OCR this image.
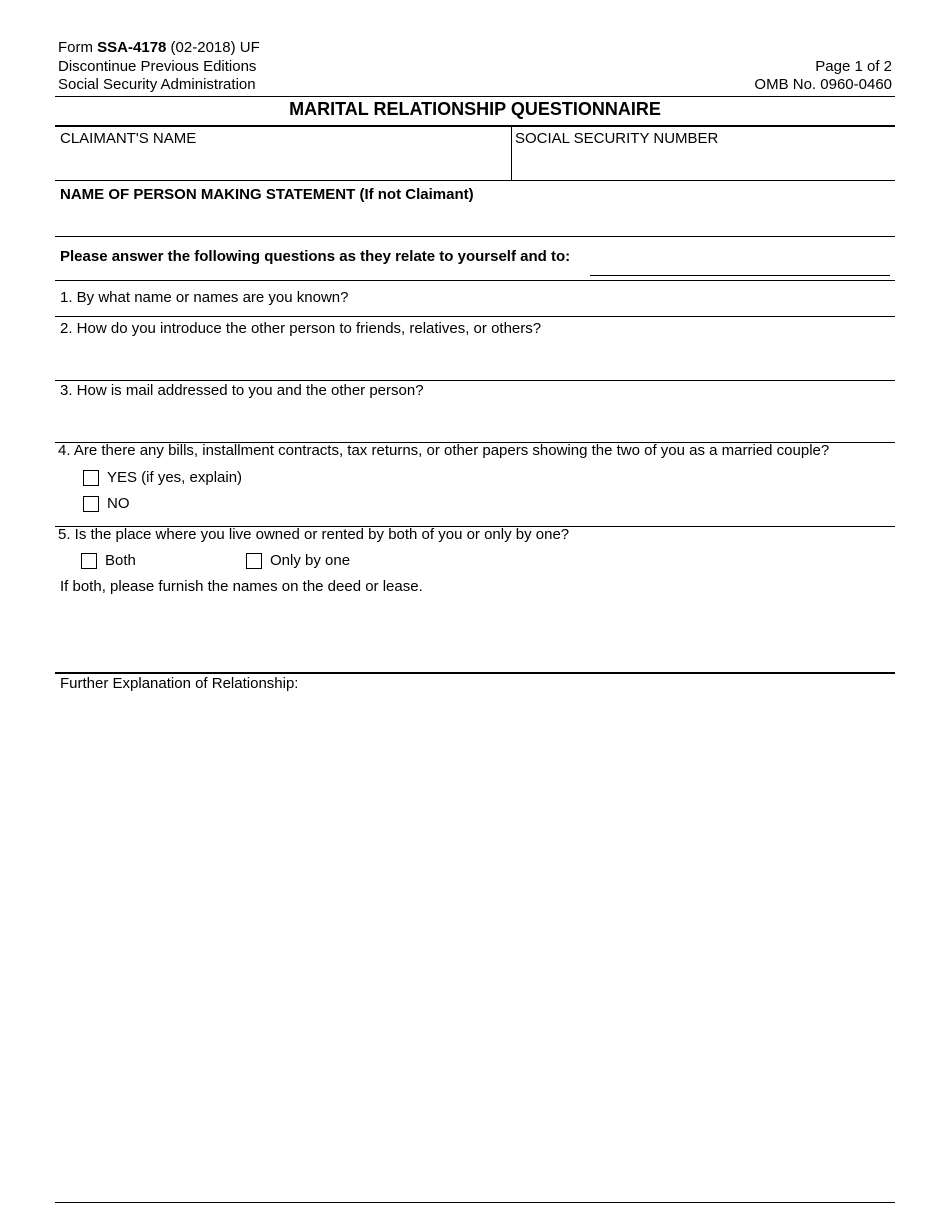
Form SSA-4178 (02-2018) UF
Discontinue Previous Editions
Social Security Administration
Page 1 of 2
OMB No. 0960-0460
MARITAL RELATIONSHIP QUESTIONNAIRE
CLAIMANT'S NAME	SOCIAL SECURITY NUMBER
NAME OF PERSON MAKING STATEMENT (If not Claimant)
Please answer the following questions as they relate to yourself and to:
1. By what name or names are you known?
2. How do you introduce the other person to friends, relatives, or others?
3. How is mail addressed to you and the other person?
4. Are there any bills, installment contracts, tax returns, or other papers showing the two of you as a married couple?
YES (if yes, explain)
NO
5. Is the place where you live owned or rented by both of you or only by one?
Both	Only by one
If both, please furnish the names on the deed or lease.
Further Explanation of Relationship:
